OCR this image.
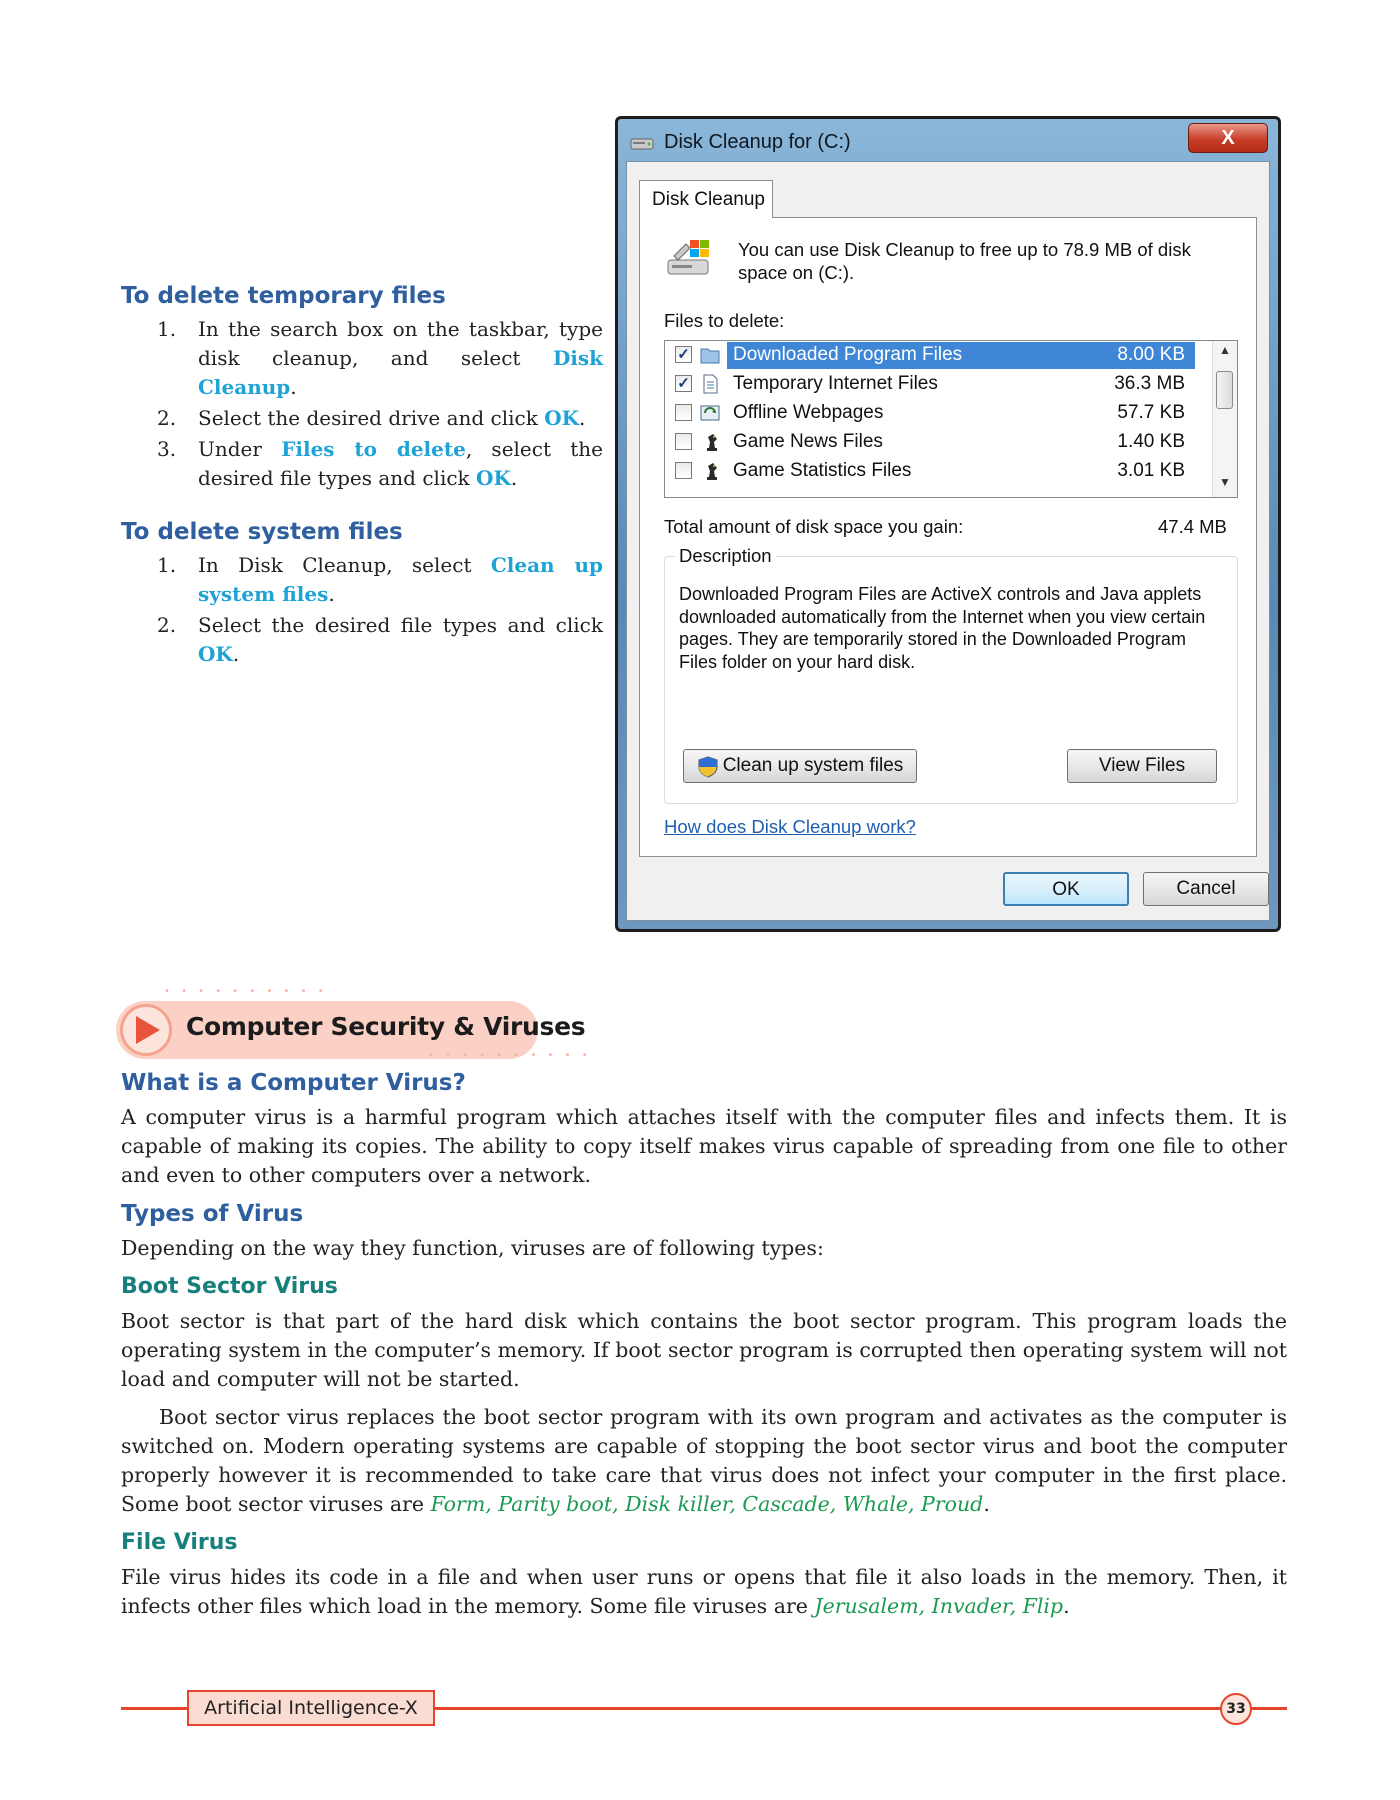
To delete temporary files
1. In the search box on the taskbar, type disk cleanup, and select Disk Cleanup.
2. Select the desired drive and click OK.
3. Under Files to delete, select the desired file types and click OK.
To delete system files
1. In Disk Cleanup, select Clean up system files.
2. Select the desired file types and click OK.
Disk Cleanup for (C:)	X
Disk Cleanup
You can use Disk Cleanup to free up to 78.9 MB of disk space on (C:).
Files to delete:
✓	Downloaded Program Files	8.00 KB
✓	Temporary Internet Files	36.3 MB
Offline Webpages	57.7 KB
Game News Files	1.40 KB
Game Statistics Files	3.01 KB
▲
▼
Total amount of disk space you gain:	47.4 MB
Description
Downloaded Program Files are ActiveX controls and Java applets downloaded automatically from the Internet when you view certain pages. They are temporarily stored in the Downloaded Program Files folder on your hard disk.
Clean up system files	View Files
How does Disk Cleanup work?
OK	Cancel
• • • • • • • • • •
Computer Security & Viruses
• • • • • • • • • •
What is a Computer Virus?
A computer virus is a harmful program which attaches itself with the computer files and infects them. It is capable of making its copies. The ability to copy itself makes virus capable of spreading from one file to other and even to other computers over a network.
Types of Virus
Depending on the way they function, viruses are of following types:
Boot Sector Virus
Boot sector is that part of the hard disk which contains the boot sector program. This program loads the operating system in the computer’s memory. If boot sector program is corrupted then operating system will not load and computer will not be started.
Boot sector virus replaces the boot sector program with its own program and activates as the computer is switched on. Modern operating systems are capable of stopping the boot sector virus and boot the computer properly however it is recommended to take care that virus does not infect your computer in the first place. Some boot sector viruses are Form, Parity boot, Disk killer, Cascade, Whale, Proud.
File Virus
File virus hides its code in a file and when user runs or opens that file it also loads in the memory. Then, it infects other files which load in the memory. Some file viruses are Jerusalem, Invader, Flip.
Artificial Intelligence-X	33
